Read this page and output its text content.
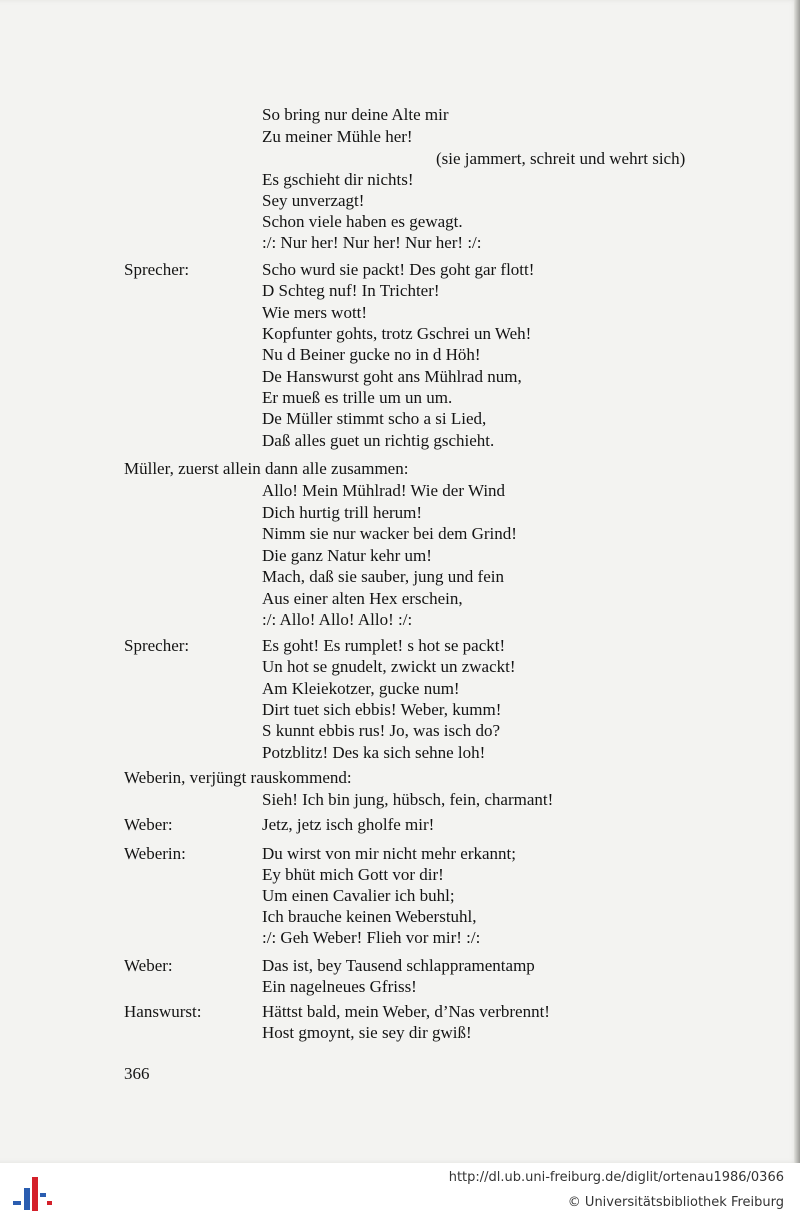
So bring nur deine Alte mir
Zu meiner Mühle her!
(sie jammert, schreit und wehrt sich)
Es gschieht dir nichts!
Sey unverzagt!
Schon viele haben es gewagt.
:/: Nur her! Nur her! Nur her! :/:
Sprecher:	Scho wurd sie packt! Des goht gar flott!
D Schteg nuf! In Trichter!
Wie mers wott!
Kopfunter gohts, trotz Gschrei un Weh!
Nu d Beiner gucke no in d Höh!
De Hanswurst goht ans Mühlrad num,
Er mueß es trille um un um.
De Müller stimmt scho a si Lied,
Daß alles guet un richtig gschieht.
Müller, zuerst allein dann alle zusammen:
Allo! Mein Mühlrad! Wie der Wind
Dich hurtig trill herum!
Nimm sie nur wacker bei dem Grind!
Die ganz Natur kehr um!
Mach, daß sie sauber, jung und fein
Aus einer alten Hex erschein,
:/: Allo! Allo! Allo! :/:
Sprecher:	Es goht! Es rumplet! s hot se packt!
Un hot se gnudelt, zwickt un zwackt!
Am Kleiekotzer, gucke num!
Dirt tuet sich ebbis! Weber, kumm!
S kunnt ebbis rus! Jo, was isch do?
Potzblitz! Des ka sich sehne loh!
Weberin, verjüngt rauskommend:
Sieh! Ich bin jung, hübsch, fein, charmant!
Weber:	Jetz, jetz isch gholfe mir!
Weberin:	Du wirst von mir nicht mehr erkannt;
Ey bhüt mich Gott vor dir!
Um einen Cavalier ich buhl;
Ich brauche keinen Weberstuhl,
:/: Geh Weber! Flieh vor mir! :/:
Weber:	Das ist, bey Tausend schlappramentamp
Ein nagelneues Gfriss!
Hanswurst:	Hättst bald, mein Weber, d’Nas verbrennt!
Host gmoynt, sie sey dir gwiß!
366
http://dl.ub.uni-freiburg.de/diglit/ortenau1986/0366
© Universitätsbibliothek Freiburg
